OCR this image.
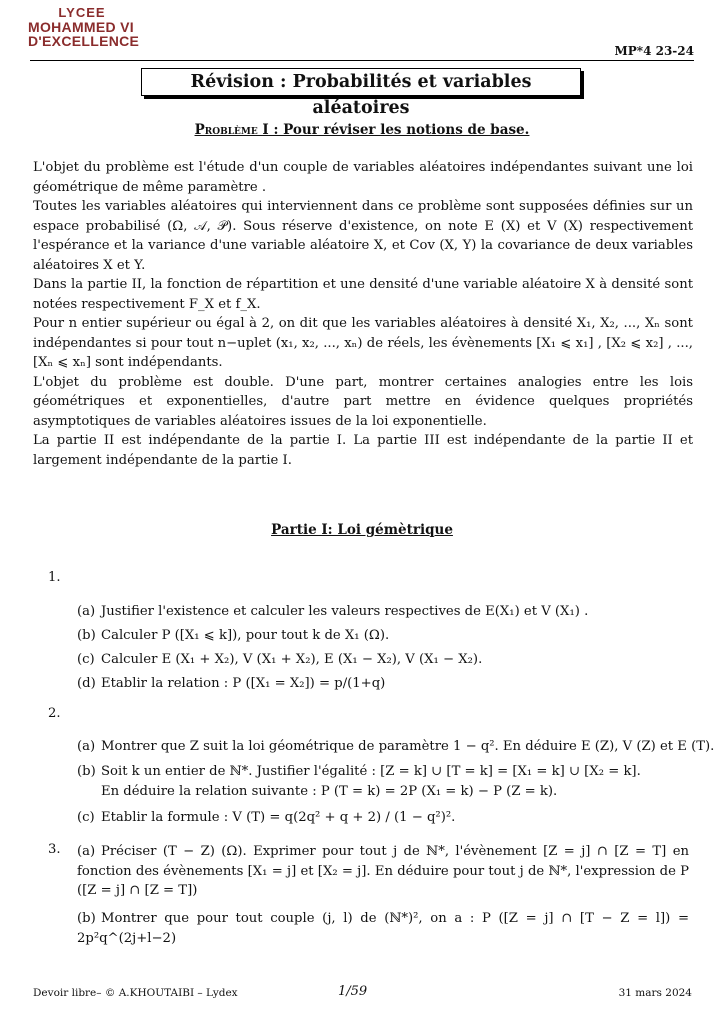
LYCEE
MOHAMMED VI
D'EXCELLENCE
MP*4 23-24
Révision : Probabilités et variables aléatoires
Problème I : Pour réviser les notions de base.

L'objet du problème est l'étude d'un couple de variables aléatoires indépendantes suivant une loi géométrique de même paramètre .

Toutes les variables aléatoires qui interviennent dans ce problème sont supposées définies sur un espace probabilisé (Ω, 𝒜, 𝒫). Sous réserve d'existence, on note E (X) et V (X) respectivement l'espérance et la variance d'une variable aléatoire X, et Cov (X, Y) la covariance de deux variables aléatoires X et Y.

Dans la partie II, la fonction de répartition et une densité d'une variable aléatoire X à densité sont notées respectivement F_X et f_X.

Pour n entier supérieur ou égal à 2, on dit que les variables aléatoires à densité X₁, X₂, ..., Xₙ sont indépendantes si pour tout n−uplet (x₁, x₂, ..., xₙ) de réels, les évènements [X₁ ⩽ x₁] , [X₂ ⩽ x₂] , ..., [Xₙ ⩽ xₙ] sont indépendants.

L'objet du problème est double. D'une part, montrer certaines analogies entre les lois géométriques et exponentielles, d'autre part mettre en évidence quelques propriétés asymptotiques de variables aléatoires issues de la loi exponentielle.

La partie II est indépendante de la partie I. La partie III est indépendante de la partie II et largement indépendante de la partie I.

Partie I: Loi gémètrique
1.
(a) Justifier l'existence et calculer les valeurs respectives de E(X₁) et V (X₁) .
(b) Calculer P ([X₁ ⩽ k]), pour tout k de X₁ (Ω).
(c) Calculer E (X₁ + X₂), V (X₁ + X₂), E (X₁ − X₂), V (X₁ − X₂).
(d) Etablir la relation : P ([X₁ = X₂]) = p/(1+q)
2.
(a) Montrer que Z suit la loi géométrique de paramètre 1 − q². En déduire E (Z), V (Z) et E (T).
(b) Soit k un entier de ℕ*. Justifier l'égalité : [Z = k] ∪ [T = k] = [X₁ = k] ∪ [X₂ = k].
En déduire la relation suivante : P (T = k) = 2P (X₁ = k) − P (Z = k).
(c) Etablir la formule : V (T) = q(2q² + q + 2) / (1 − q²)².
3. (a) Préciser (T − Z) (Ω). Exprimer pour tout j de ℕ*, l'évènement [Z = j] ∩ [Z = T] en fonction des évènements [X₁ = j] et [X₂ = j]. En déduire pour tout j de ℕ*, l'expression de P ([Z = j] ∩ [Z = T])
(b) Montrer que pour tout couple (j, l) de (ℕ*)², on a : P ([Z = j] ∩ [T − Z = l]) = 2p²q^(2j+l−2)
Devoir libre– © A.KHOUTAIBI – Lydex	1/59	31 mars 2024
